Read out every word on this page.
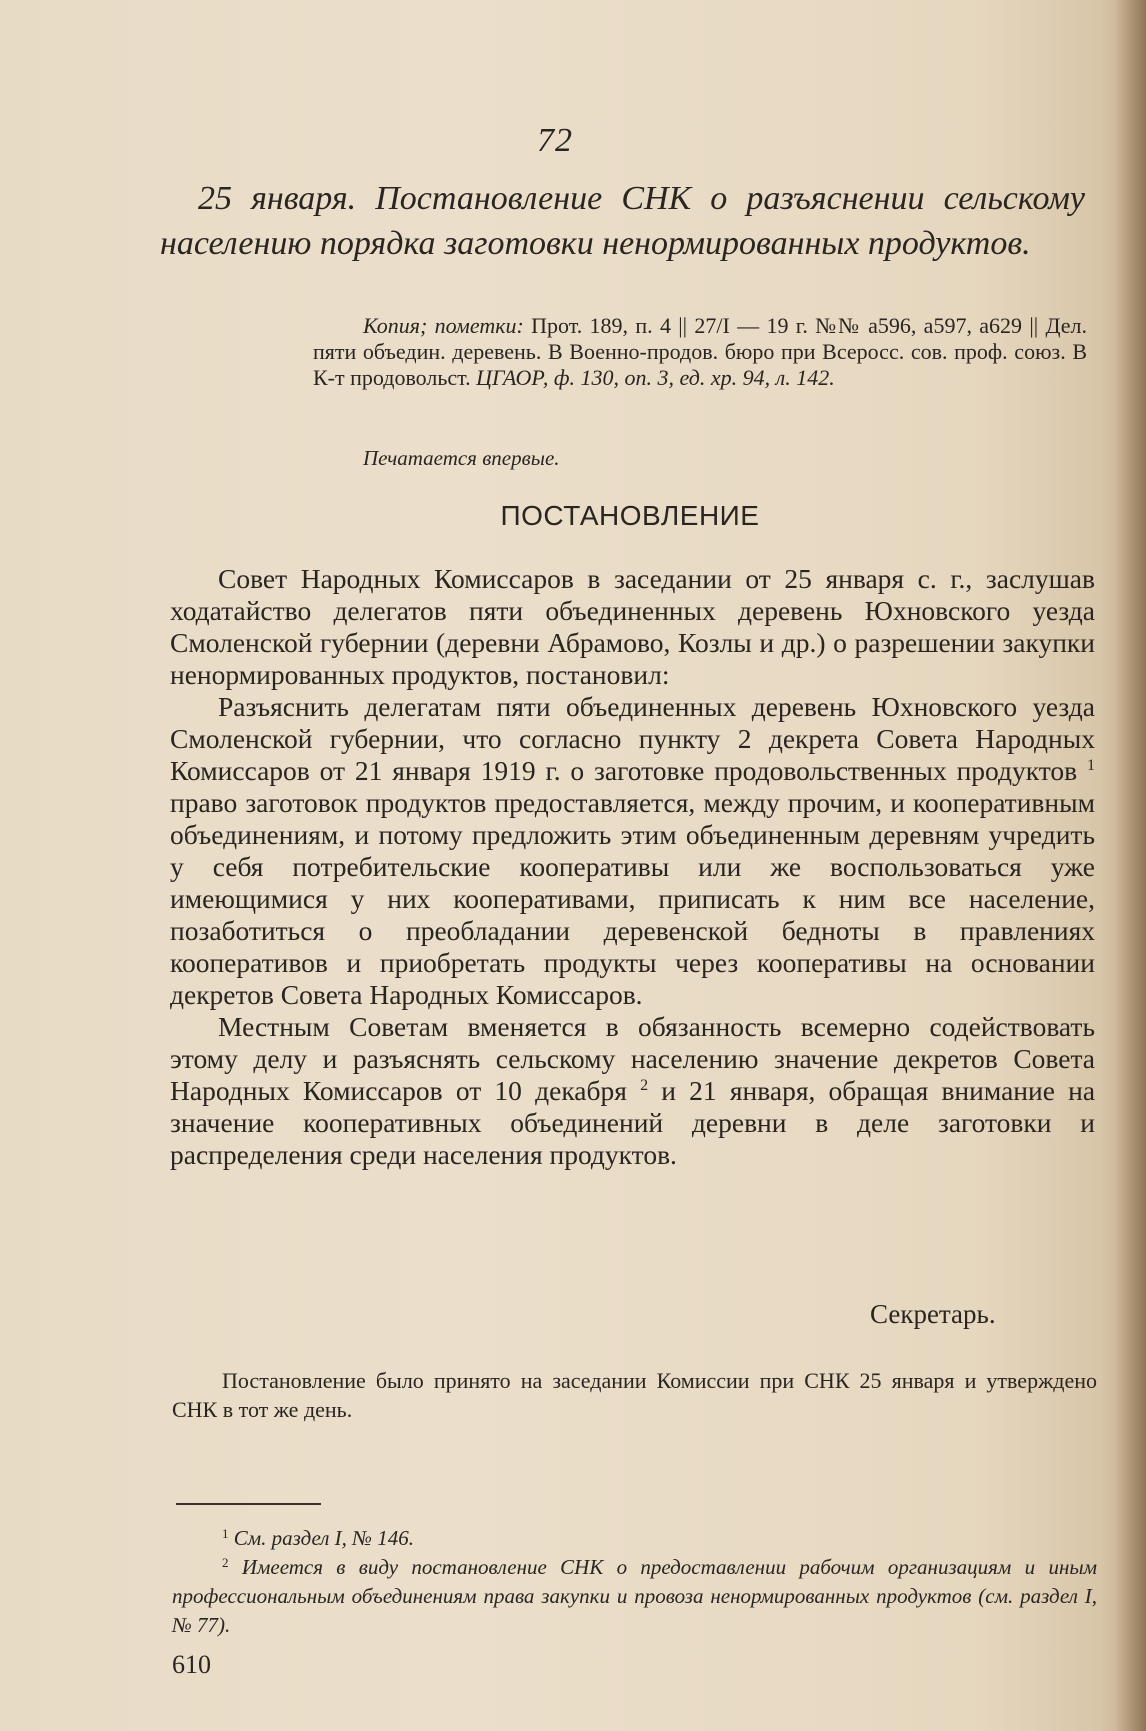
72
25 января. Постановление СНК о разъяснении сельскому населению порядка заготовки ненормированных продуктов.
Копия; пометки: Прот. 189, п. 4 || 27/I — 19 г. №№ а596, а597, а629 || Дел. пяти объедин. деревень. В Военно-продов. бюро при Всеросс. сов. проф. союз. В К-т продовольст. ЦГАОР, ф. 130, оп. 3, ед. хр. 94, л. 142.
Печатается впервые.
ПОСТАНОВЛЕНИЕ

Совет Народных Комиссаров в заседании от 25 января с. г., заслушав ходатайство делегатов пяти объединенных деревень Юхновского уезда Смоленской губернии (деревни Абрамово, Козлы и др.) о разрешении закупки ненормированных продуктов, постановил:

Разъяснить делегатам пяти объединенных деревень Юхновского уезда Смоленской губернии, что согласно пункту 2 декрета Совета Народных Комиссаров от 21 января 1919 г. о заготовке продовольственных продуктов $^1$ право заготовок продуктов предоставляется, между прочим, и кооперативным объединениям, и потому предложить этим объединенным деревням учредить у себя потребительские кооперативы или же воспользоваться уже имеющимися у них кооперативами, приписать к ним все население, позаботиться о преобладании деревенской бедноты в правлениях кооперативов и приобретать продукты через кооперативы на основании декретов Совета Народных Комиссаров.

Местным Советам вменяется в обязанность всемерно содействовать этому делу и разъяснять сельскому населению значение декретов Совета Народных Комиссаров от 10 декабря $^2$ и 21 января, обращая внимание на значение кооперативных объединений деревни в деле заготовки и распределения среди населения продуктов.

Секретарь.
Постановление было принято на заседании Комиссии при СНК 25 января и утверждено СНК в тот же день.

$^1$ См. раздел I, № 146.

$^2$ Имеется в виду постановление СНК о предоставлении рабочим организациям и иным профессиональным объединениям права закупки и провоза ненормированных продуктов (см. раздел I, № 77).

610
